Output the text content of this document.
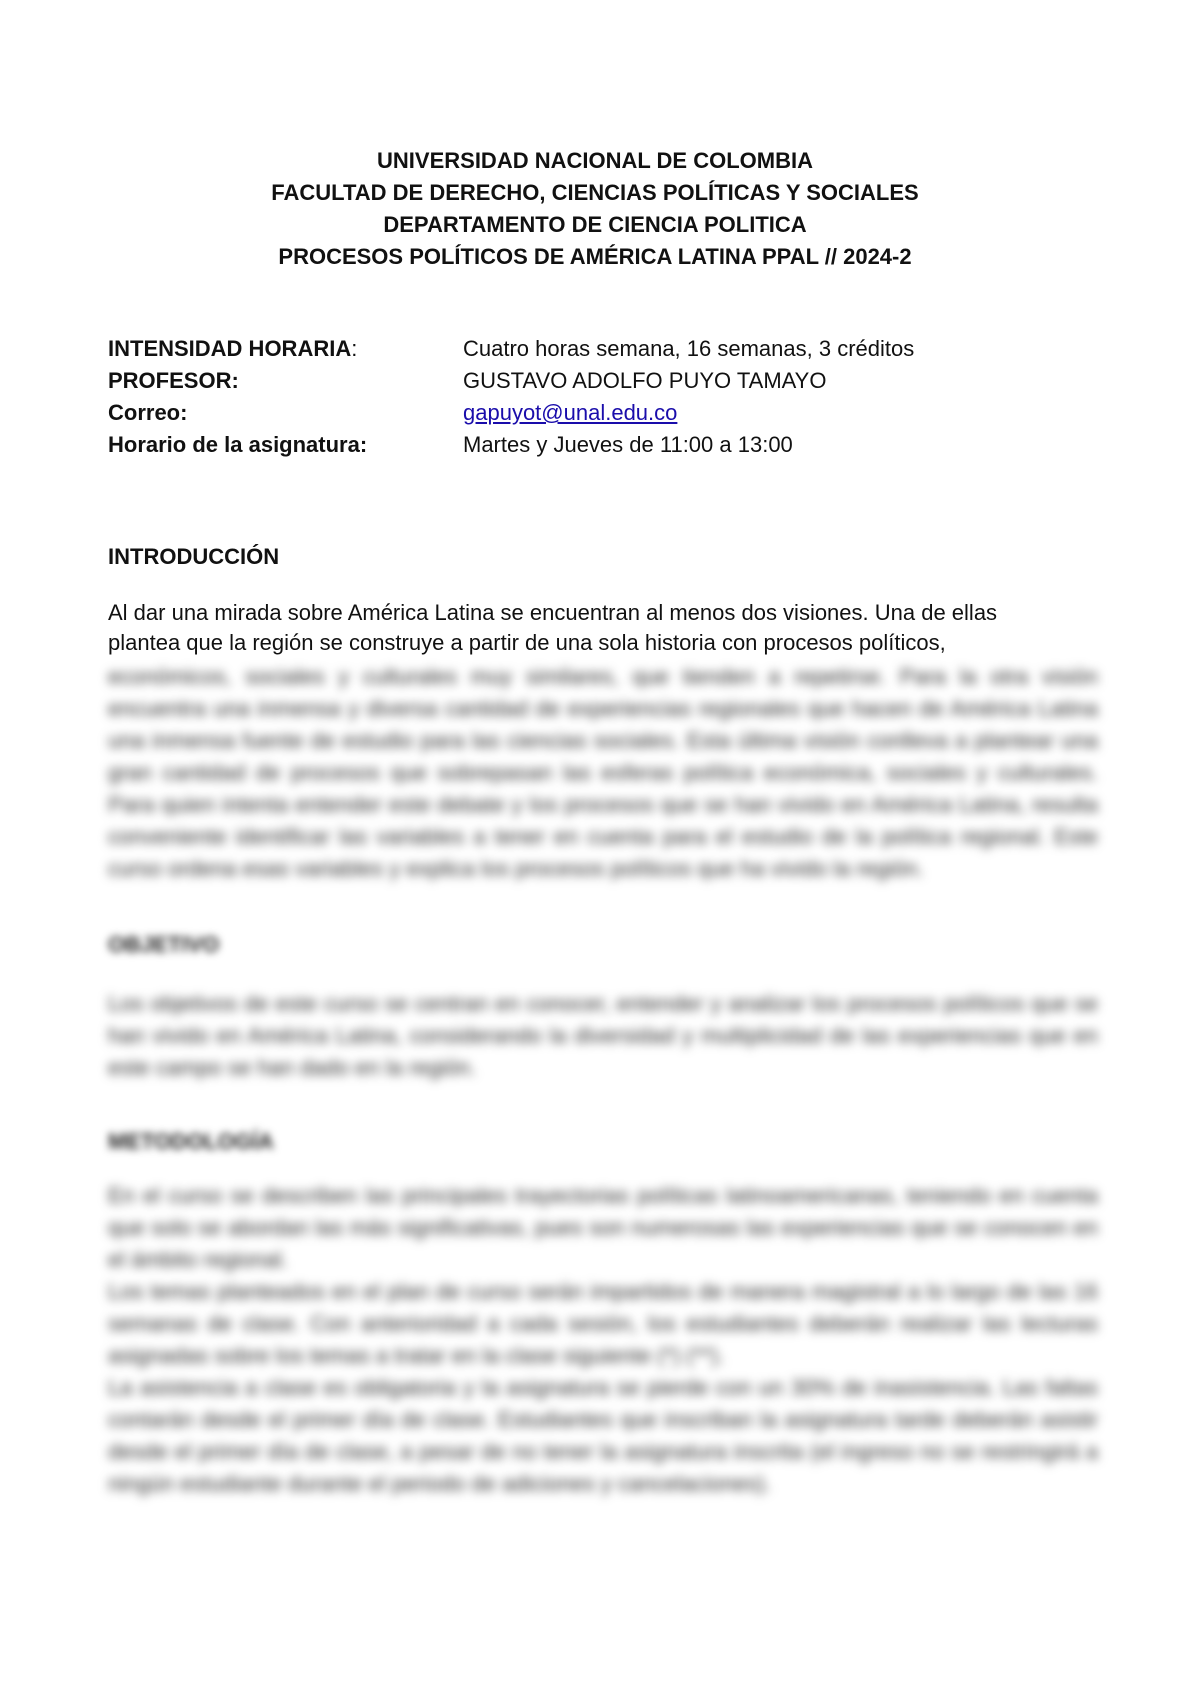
UNIVERSIDAD NACIONAL DE COLOMBIA
FACULTAD DE DERECHO, CIENCIAS POLÍTICAS Y SOCIALES
DEPARTAMENTO DE CIENCIA POLITICA
PROCESOS POLÍTICOS DE AMÉRICA LATINA PPAL // 2024-2
INTENSIDAD HORARIA:	Cuatro horas semana, 16 semanas, 3 créditos
PROFESOR:	GUSTAVO ADOLFO PUYO TAMAYO
Correo:	gapuyot@unal.edu.co
Horario de la asignatura:	Martes y Jueves de 11:00 a 13:00
INTRODUCCIÓN
Al dar una mirada sobre América Latina se encuentran al menos dos visiones. Una de ellas
plantea que la región se construye a partir de una sola historia con procesos políticos,
económicos, sociales y culturales muy similares, que tienden a repetirse. Para la otra visión encuentra una inmensa y diversa cantidad de experiencias regionales que hacen de América Latina una inmensa fuente de estudio para las ciencias sociales. Esta última visión conlleva a plantear una gran cantidad de procesos que sobrepasan las esferas política económica, sociales y culturales. Para quien intenta entender este debate y los procesos que se han vivido en América Latina, resulta conveniente identificar las variables a tener en cuenta para el estudio de la política regional. Este curso ordena esas variables y explica los procesos políticos que ha vivido la región.
OBJETIVO
Los objetivos de este curso se centran en conocer, entender y analizar los procesos políticos que se han vivido en América Latina, considerando la diversidad y multiplicidad de las experiencias que en este campo se han dado en la región.
METODOLOGÍA
En el curso se describen las principales trayectorias políticas latinoamericanas, teniendo en cuenta que solo se abordan las más significativas, pues son numerosas las experiencias que se conocen en el ámbito regional.
Los temas planteados en el plan de curso serán impartidos de manera magistral a lo largo de las 16 semanas de clase. Con anterioridad a cada sesión, los estudiantes deberán realizar las lecturas asignadas sobre los temas a tratar en la clase siguiente (*) (**).
La asistencia a clase es obligatoria y la asignatura se pierde con un 30% de inasistencia. Las faltas contarán desde el primer día de clase. Estudiantes que inscriban la asignatura tarde deberán asistir desde el primer día de clase, a pesar de no tener la asignatura inscrita (el ingreso no se restringirá a ningún estudiante durante el periodo de adiciones y cancelaciones).
